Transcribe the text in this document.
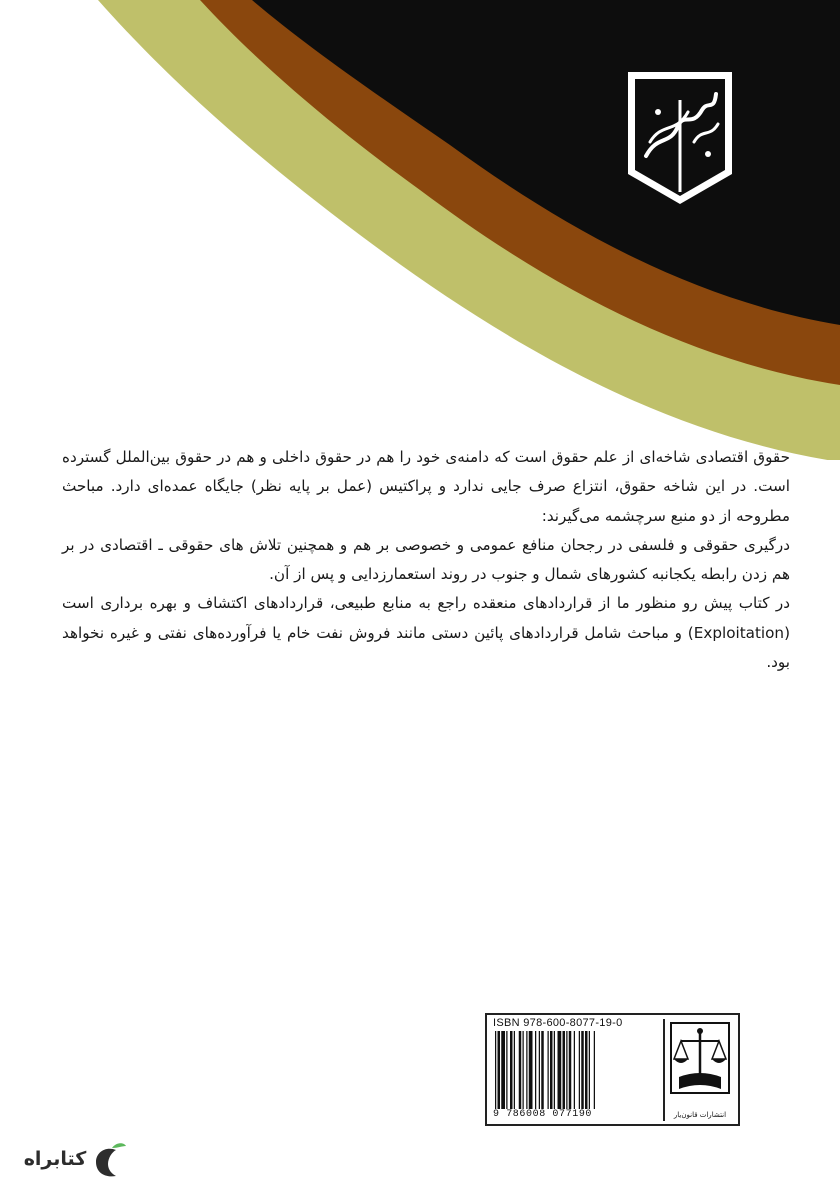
حقوق اقتصادی شاخه‌ای از علم حقوق است که دامنه‌ی خود را هم در حقوق داخلی و هم در حقوق بین‌الملل گسترده است. در این شاخه حقوق، انتزاع صرف جایی ندارد و پراکتیس (عمل بر پایه نظر) جایگاه عمده‌ای دارد. مباحث مطروحه از دو منبع سرچشمه می‌گیرند:

درگیری حقوقی و فلسفی در رجحان منافع عمومی و خصوصی بر هم و همچنین تلاش های حقوقی ـ اقتصادی در بر هم زدن رابطه یکجانبه کشورهای شمال و جنوب در روند استعمارزدایی و پس از آن.

در کتاب پیش رو منظور ما از قراردادهای منعقده راجع به منابع طبیعی، قراردادهای اکتشاف و بهره برداری است (Exploitation) و مباحث شامل قراردادهای پائین دستی مانند فروش نفت خام یا فرآورده‌های نفتی و غیره نخواهد بود.

ISBN 978-600-8077-19-0
9 786008 077190	انتشارات قانون‌یار
کتابراه
